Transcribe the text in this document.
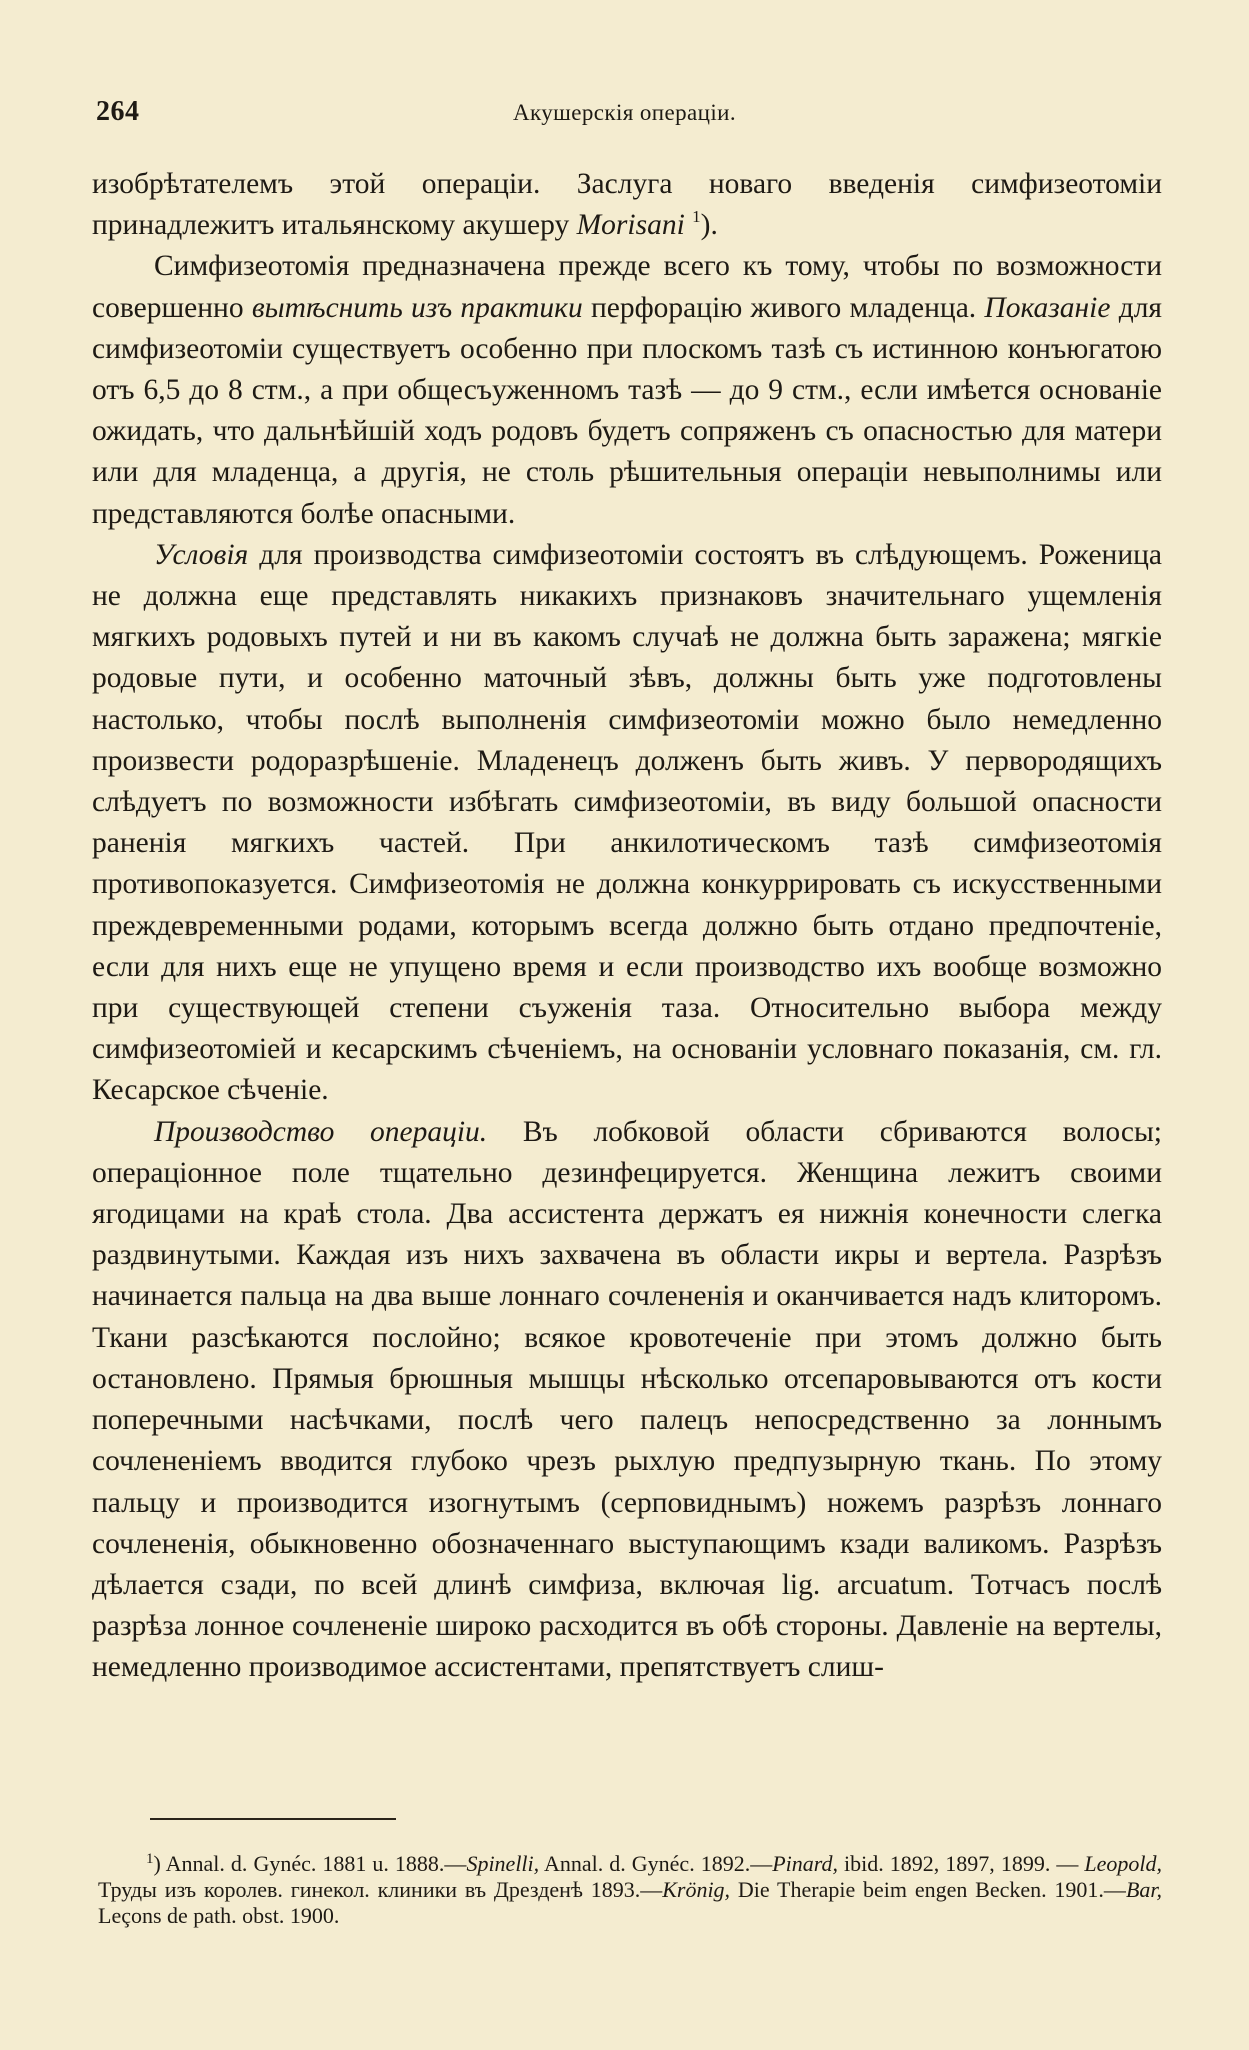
264	Акушерскія операціи.

изобрѣтателемъ этой операціи. Заслуга новаго введенія симфизеотоміи принадлежитъ итальянскому акушеру Morisani $^1$).

Симфизеотомія предназначена прежде всего къ тому, чтобы по возможности совершенно вытѣснить изъ практики перфорацію живого младенца. Показаніе для симфизеотоміи существуетъ особенно при плоскомъ тазѣ съ истинною конъюгатою отъ 6,5 до 8 стм., а при общесъуженномъ тазѣ — до 9 стм., если имѣется основаніе ожидать, что дальнѣйшій ходъ родовъ будетъ сопряженъ съ опасностью для матери или для младенца, а другія, не столь рѣшительныя операціи невыполнимы или представляются болѣе опасными.

Условія для производства симфизеотоміи состоятъ въ слѣдующемъ. Роженица не должна еще представлять никакихъ признаковъ значительнаго ущемленія мягкихъ родовыхъ путей и ни въ какомъ случаѣ не должна быть заражена; мягкіе родовые пути, и особенно маточный зѣвъ, должны быть уже подготовлены настолько, чтобы послѣ выполненія симфизеотоміи можно было немедленно произвести родоразрѣшеніе. Младенецъ долженъ быть живъ. У первородящихъ слѣдуетъ по возможности избѣгать симфизеотоміи, въ виду большой опасности раненія мягкихъ частей. При анкилотическомъ тазѣ симфизеотомія противопоказуется. Симфизеотомія не должна конкуррировать съ искусственными преждевременными родами, которымъ всегда должно быть отдано предпочтеніе, если для нихъ еще не упущено время и если производство ихъ вообще возможно при существующей степени съуженія таза. Относительно выбора между симфизеотоміей и кесарскимъ сѣченіемъ, на основаніи условнаго показанія, см. гл. Кесарское сѣченіе.

Производство операціи. Въ лобковой области сбриваются волосы; операціонное поле тщательно дезинфецируется. Женщина лежитъ своими ягодицами на краѣ стола. Два ассистента держатъ ея нижнія конечности слегка раздвинутыми. Каждая изъ нихъ захвачена въ области икры и вертела. Разрѣзъ начинается пальца на два выше лоннаго сочлененія и оканчивается надъ клиторомъ. Ткани разсѣкаются послойно; всякое кровотеченіе при этомъ должно быть остановлено. Прямыя брюшныя мышцы нѣсколько отсепаровываются отъ кости поперечными насѣчками, послѣ чего палецъ непосредственно за лоннымъ сочлененіемъ вводится глубоко чрезъ рыхлую предпузырную ткань. По этому пальцу и производится изогнутымъ (серповиднымъ) ножемъ разрѣзъ лоннаго сочлененія, обыкновенно обозначеннаго выступающимъ кзади валикомъ. Разрѣзъ дѣлается сзади, по всей длинѣ симфиза, включая lig. arcuatum. Тотчасъ послѣ разрѣза лонное сочлененіе широко расходится въ обѣ стороны. Давленіе на вертелы, немедленно производимое ассистентами, препятствуетъ слиш-

1) Annal. d. Gynéc. 1881 u. 1888.—Spinelli, Annal. d. Gynéc. 1892.—Pinard, ibid. 1892, 1897, 1899. — Leopold, Труды изъ королев. гинекол. клиники въ Дрезденѣ 1893.—Krönig, Die Therapie beim engen Becken. 1901.—Bar, Leçons de path. obst. 1900.
